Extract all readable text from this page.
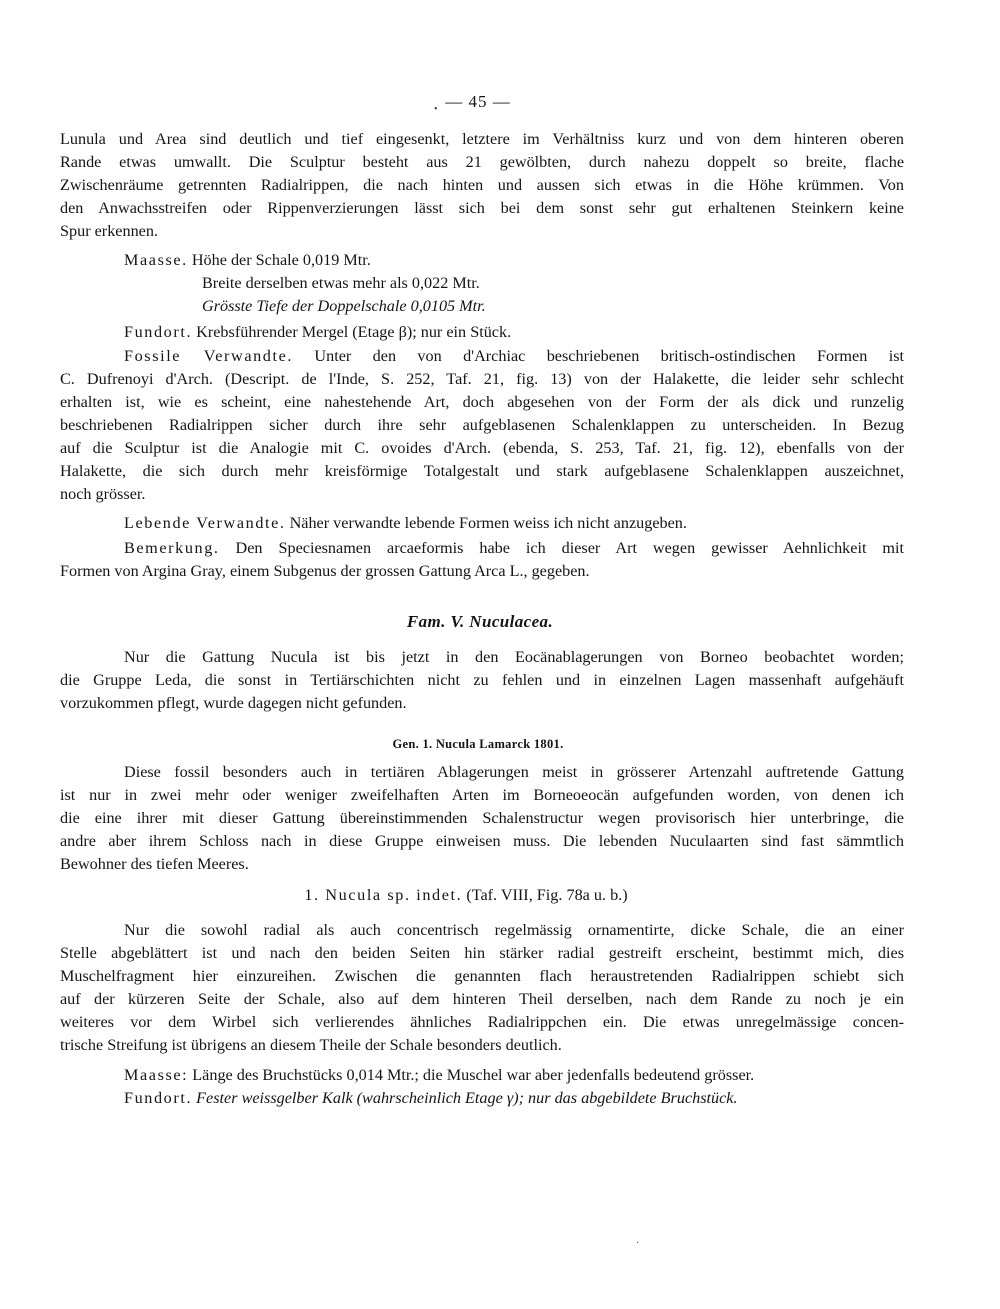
— 45 —
Lunula und Area sind deutlich und tief eingesenkt, letztere im Verhältniss kurz und von dem hinteren oberen
Rande etwas umwallt. Die Sculptur besteht aus 21 gewölbten, durch nahezu doppelt so breite, flache
Zwischenräume getrennten Radialrippen, die nach hinten und aussen sich etwas in die Höhe krümmen. Von
den Anwachsstreifen oder Rippenverzierungen lässt sich bei dem sonst sehr gut erhaltenen Steinkern keine
Spur erkennen.
Maasse. Höhe der Schale 0,019 Mtr.
Breite derselben etwas mehr als 0,022 Mtr.
Grösste Tiefe der Doppelschale 0,0105 Mtr.
Fundort. Krebsführender Mergel (Etage β); nur ein Stück.
Fossile Verwandte. Unter den von d'Archiac beschriebenen britisch-ostindischen Formen ist
C. Dufrenoyi d'Arch. (Descript. de l'Inde, S. 252, Taf. 21, fig. 13) von der Halakette, die leider sehr schlecht
erhalten ist, wie es scheint, eine nahestehende Art, doch abgesehen von der Form der als dick und runzelig
beschriebenen Radialrippen sicher durch ihre sehr aufgeblasenen Schalenklappen zu unterscheiden. In Bezug
auf die Sculptur ist die Analogie mit C. ovoides d'Arch. (ebenda, S. 253, Taf. 21, fig. 12), ebenfalls von der
Halakette, die sich durch mehr kreisförmige Totalgestalt und stark aufgeblasene Schalenklappen auszeichnet,
noch grösser.
Lebende Verwandte. Näher verwandte lebende Formen weiss ich nicht anzugeben.
Bemerkung. Den Speciesnamen arcaeformis habe ich dieser Art wegen gewisser Aehnlichkeit mit
Formen von Argina Gray, einem Subgenus der grossen Gattung Arca L., gegeben.
Fam. V. Nuculacea.
Nur die Gattung Nucula ist bis jetzt in den Eocänablagerungen von Borneo beobachtet worden;
die Gruppe Leda, die sonst in Tertiärschichten nicht zu fehlen und in einzelnen Lagen massenhaft aufgehäuft
vorzukommen pflegt, wurde dagegen nicht gefunden.
Gen. 1. Nucula Lamarck 1801.
Diese fossil besonders auch in tertiären Ablagerungen meist in grösserer Artenzahl auftretende Gattung
ist nur in zwei mehr oder weniger zweifelhaften Arten im Borneoeocän aufgefunden worden, von denen ich
die eine ihrer mit dieser Gattung übereinstimmenden Schalenstructur wegen provisorisch hier unterbringe, die
andre aber ihrem Schloss nach in diese Gruppe einweisen muss. Die lebenden Nuculaarten sind fast sämmtlich
Bewohner des tiefen Meeres.
1. Nucula sp. indet. (Taf. VIII, Fig. 78a u. b.)
Nur die sowohl radial als auch concentrisch regelmässig ornamentirte, dicke Schale, die an einer
Stelle abgeblättert ist und nach den beiden Seiten hin stärker radial gestreift erscheint, bestimmt mich, dies
Muschelfragment hier einzureihen. Zwischen die genannten flach heraustretenden Radialrippen schiebt sich
auf der kürzeren Seite der Schale, also auf dem hinteren Theil derselben, nach dem Rande zu noch je ein
weiteres vor dem Wirbel sich verlierendes ähnliches Radialrippchen ein. Die etwas unregelmässige concen-
trische Streifung ist übrigens an diesem Theile der Schale besonders deutlich.
Maasse: Länge des Bruchstücks 0,014 Mtr.; die Muschel war aber jedenfalls bedeutend grösser.
Fundort. Fester weissgelber Kalk (wahrscheinlich Etage γ); nur das abgebildete Bruchstück.
•
·
